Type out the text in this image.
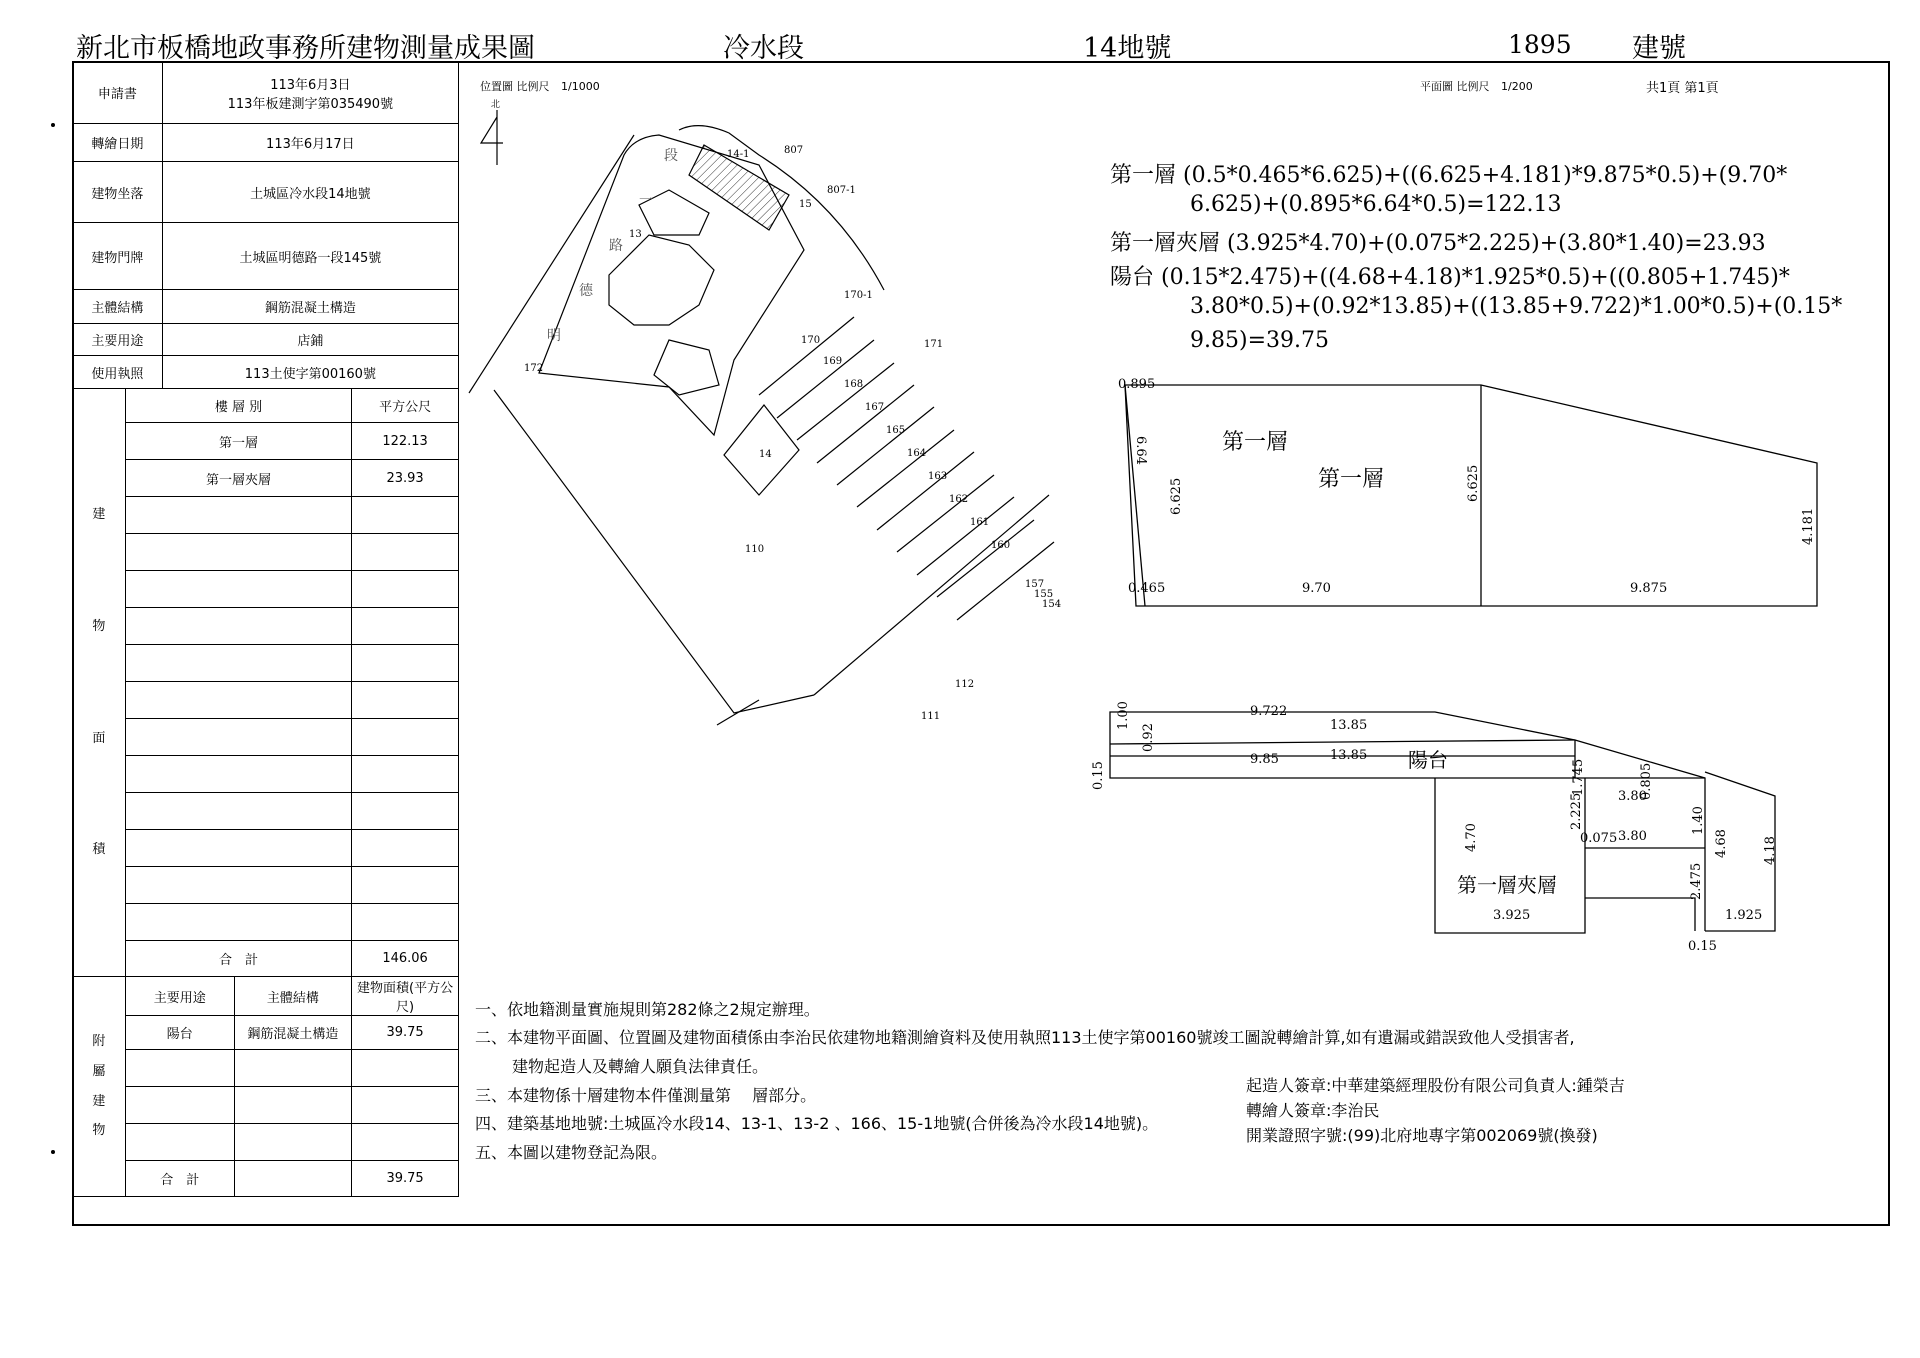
新北市板橋地政事務所建物測量成果圖	冷水段	14地號	1895 建號
申請書		113年6月3日
113年板建測字第035490號		

轉繪日期		113年6月17日		
建物坐落		土城區冷水段14地號		
建物門牌		土城區明德路一段145號		
主體結構		鋼筋混凝土構造		
主要用途		店鋪		
使用執照		113土使字第00160號		

建
物
面
積	樓 層 別			平方公尺
	第一層			122.13
	第一層夾層			23.93

	合　計			146.06

附
屬
建
物	主要用途		主體結構	建物面積(平方公尺)
	陽台		鋼筋混凝土構造	39.75

	合　計			39.75
位置圖 比例尺 1/1000
北
段
一
路
德
明
14-1	807
807-1
15
13
170-1
170	171
169
168
167
165
164
163
162
161
160
157
155
154
14
110
112
111
172
平面圖 比例尺 1/200	共1頁 第1頁
第一層 (0.5*0.465*6.625)+((6.625+4.181)*9.875*0.5)+(9.70*
6.625)+(0.895*6.64*0.5)=122.13
第一層夾層 (3.925*4.70)+(0.075*2.225)+(3.80*1.40)=23.93
陽台 (0.15*2.475)+((4.68+4.18)*1.925*0.5)+((0.805+1.745)*
3.80*0.5)+(0.92*13.85)+((13.85+9.722)*1.00*0.5)+(0.15*
9.85)=39.75
0.895
6.64
6.625	6.625
4.181
0.465	9.70	9.875
第一層
第一層
9.722
13.85
13.85
9.85
1.00
0.92
0.15	1.745	0.805
2.225	3.80
3.80
0.075
4.70
1.40
4.68	4.18
2.475
3.925	1.925
0.15
陽台
第一層夾層
一、依地籍測量實施規則第282條之2規定辦理。
二、本建物平面圖、位置圖及建物面積係由李治民依建物地籍測繪資料及使用執照113土使字第00160號竣工圖說轉繪計算,如有遺漏或錯誤致他人受損害者,
建物起造人及轉繪人願負法律責任。
三、本建物係十層建物本件僅測量第　 層部分。
四、建築基地地號:土城區冷水段14、13-1、13-2 、166、15-1地號(合併後為冷水段14地號)。
五、本圖以建物登記為限。
起造人簽章:中華建築經理股份有限公司負責人:鍾榮吉
轉繪人簽章:李治民
開業證照字號:(99)北府地專字第002069號(換發)
